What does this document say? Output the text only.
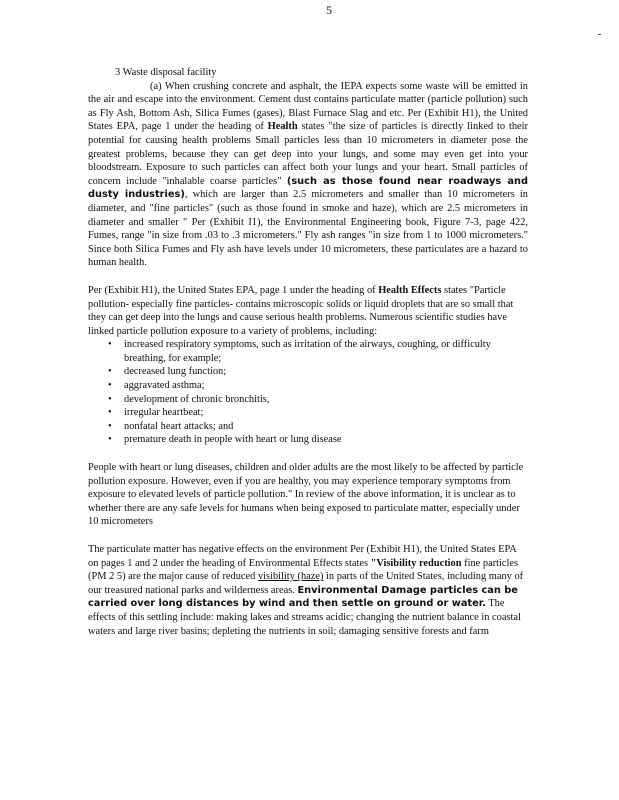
5
-
3 Waste disposal facility

(a) When crushing concrete and asphalt, the IEPA expects some waste will be emitted in the air and escape into the environment. Cement dust contains particulate matter (particle pollution) such as Fly Ash, Bottom Ash, Silica Fumes (gases), Blast Furnace Slag and etc. Per (Exhibit H1), the United States EPA, page 1 under the heading of Health states "the size of particles is directly linked to their potential for causing health problems Small particles less than 10 micrometers in diameter pose the greatest problems, because they can get deep into your lungs, and some may even get into your bloodstream. Exposure to such particles can affect both your lungs and your heart. Small particles of concern include "inhalable coarse particles" (such as those found near roadways and dusty industries), which are larger than 2.5 micrometers and smaller than 10 micrometers in diameter, and "fine particles" (such as those found in smoke and haze), which are 2.5 micrometers in diameter and smaller " Per (Exhibit I1), the Environmental Engineering book, Figure 7-3, page 422, Fumes, range "in size from .03 to .3 micrometers." Fly ash ranges "in size from 1 to 1000 micrometers." Since both Silica Fumes and Fly ash have levels under 10 micrometers, these particulates are a hazard to human health.

Per (Exhibit H1), the United States EPA, page 1 under the heading of Health Effects states "Particle pollution- especially fine particles- contains microscopic solids or liquid droplets that are so small that they can get deep into the lungs and cause serious health problems. Numerous scientific studies have linked particle pollution exposure to a variety of problems, including:

• increased respiratory symptoms, such as irritation of the airways, coughing, or difficulty breathing, for example;
• decreased lung function;
• aggravated asthma;
• development of chronic bronchitis,
• irregular heartbeat;
• nonfatal heart attacks; and
• premature death in people with heart or lung disease

People with heart or lung diseases, children and older adults are the most likely to be affected by particle pollution exposure. However, even if you are healthy, you may experience temporary symptoms from exposure to elevated levels of particle pollution." In review of the above information, it is unclear as to whether there are any safe levels for humans when being exposed to particulate matter, especially under 10 micrometers

The particulate matter has negative effects on the environment Per (Exhibit H1), the United States EPA on pages 1 and 2 under the heading of Environmental Effects states "Visibility reduction fine particles (PM 2 5) are the major cause of reduced visibility (haze) in parts of the United States, including many of our treasured national parks and wilderness areas. Environmental Damage particles can be carried over long distances by wind and then settle on ground or water. The effects of this settling include: making lakes and streams acidic; changing the nutrient balance in coastal waters and large river basins; depleting the nutrients in soil; damaging sensitive forests and farm
